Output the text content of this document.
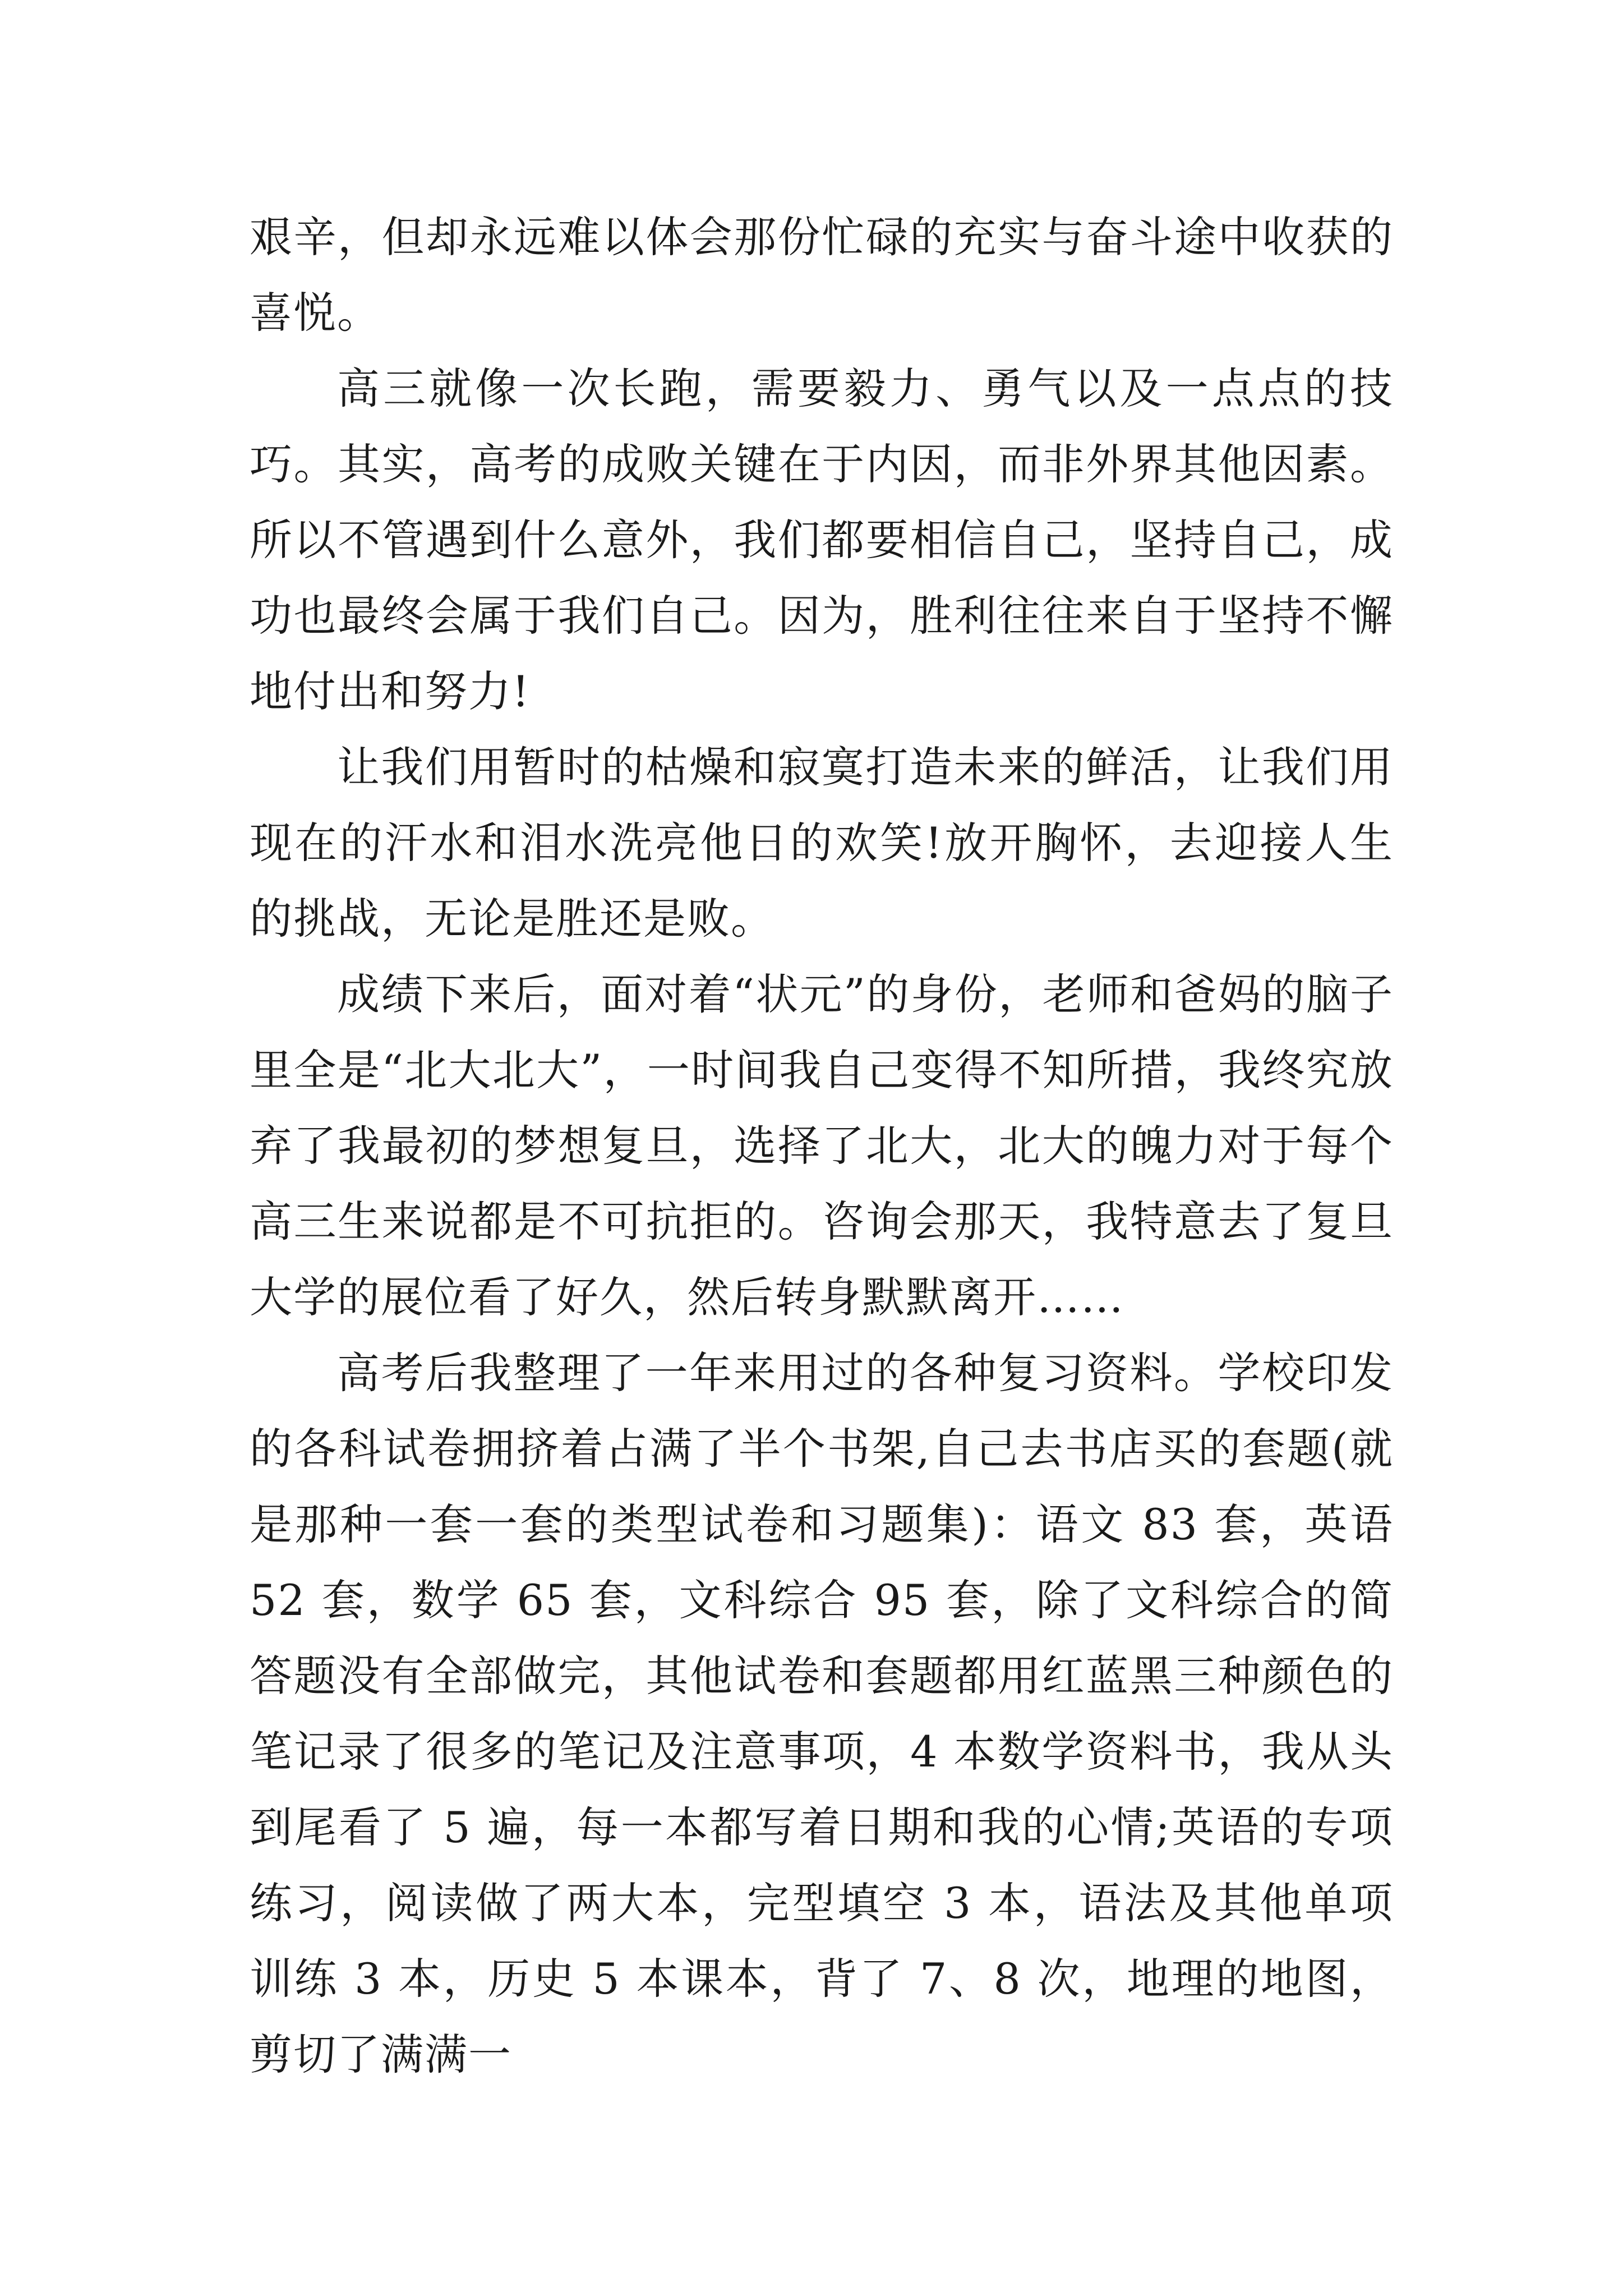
艰辛，但却永远难以体会那份忙碌的充实与奋斗途中收获的喜悦。

高三就像一次长跑，需要毅力、勇气以及一点点的技巧。其实，高考的成败关键在于内因，而非外界其他因素。所以不管遇到什么意外，我们都要相信自己，坚持自己，成功也最终会属于我们自己。因为，胜利往往来自于坚持不懈地付出和努力!

让我们用暂时的枯燥和寂寞打造未来的鲜活，让我们用现在的汗水和泪水洗亮他日的欢笑!放开胸怀，去迎接人生的挑战，无论是胜还是败。

成绩下来后，面对着“状元”的身份，老师和爸妈的脑子里全是“北大北大”，一时间我自己变得不知所措，我终究放弃了我最初的梦想复旦，选择了北大，北大的魄力对于每个高三生来说都是不可抗拒的。咨询会那天，我特意去了复旦大学的展位看了好久，然后转身默默离开……

高考后我整理了一年来用过的各种复习资料。学校印发的各科试卷拥挤着占满了半个书架,自己去书店买的套题(就是那种一套一套的类型试卷和习题集)：语文 83 套，英语 52 套，数学 65 套，文科综合 95 套，除了文科综合的简答题没有全部做完，其他试卷和套题都用红蓝黑三种颜色的笔记录了很多的笔记及注意事项，4 本数学资料书，我从头到尾看了 5 遍，每一本都写着日期和我的心情;英语的专项练习，阅读做了两大本，完型填空 3 本，语法及其他单项训练 3 本，历史 5 本课本，背了 7、8 次，地理的地图，剪切了满满一
